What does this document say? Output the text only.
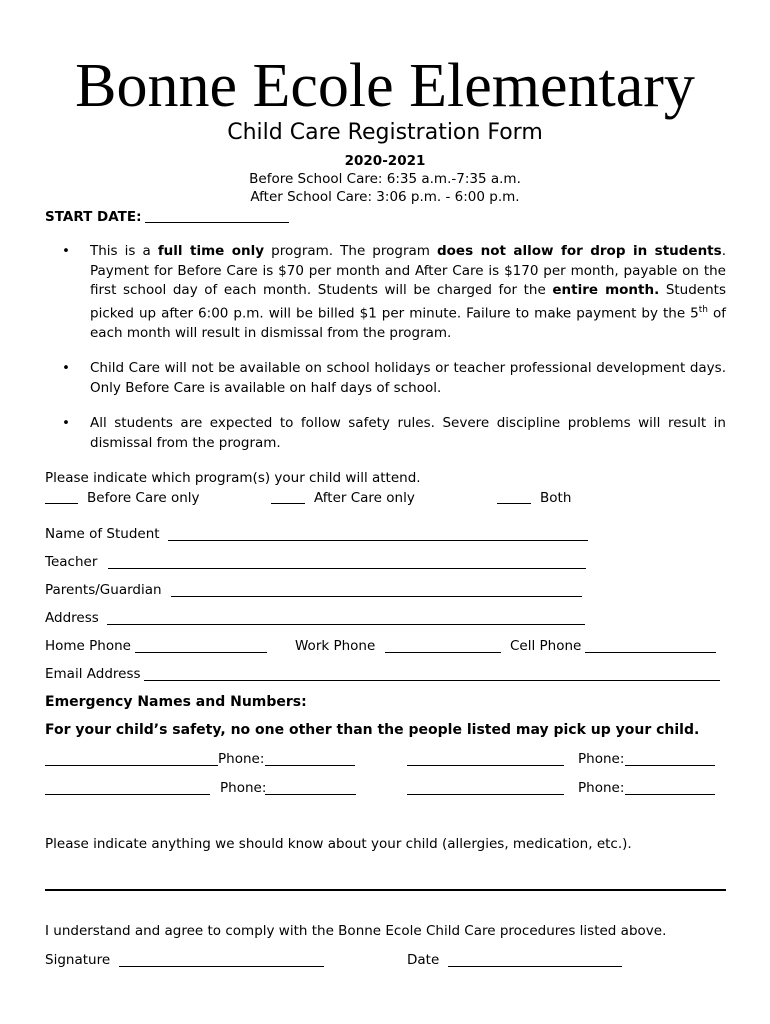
Bonne Ecole Elementary
Child Care Registration Form
2020-2021
Before School Care: 6:35 a.m.-7:35 a.m.
After School Care: 3:06 p.m. - 6:00 p.m.
START DATE:
• This is a full time only program. The program does not allow for drop in students. Payment for Before Care is $70 per month and After Care is $170 per month, payable on the first school day of each month. Students will be charged for the entire month. Students picked up after 6:00 p.m. will be billed $1 per minute. Failure to make payment by the 5th of each month will result in dismissal from the program.
• Child Care will not be available on school holidays or teacher professional development days. Only Before Care is available on half days of school.
• All students are expected to follow safety rules. Severe discipline problems will result in dismissal from the program.
Please indicate which program(s) your child will attend.
Before Care only	After Care only	Both
Name of Student
Teacher
Parents/Guardian
Address
Home Phone	Work Phone	Cell Phone
Email Address
Emergency Names and Numbers:
For your child’s safety, no one other than the people listed may pick up your child.
Phone:	Phone:
Phone:	Phone:
Please indicate anything we should know about your child (allergies, medication, etc.).
I understand and agree to comply with the Bonne Ecole Child Care procedures listed above.
Signature	Date
